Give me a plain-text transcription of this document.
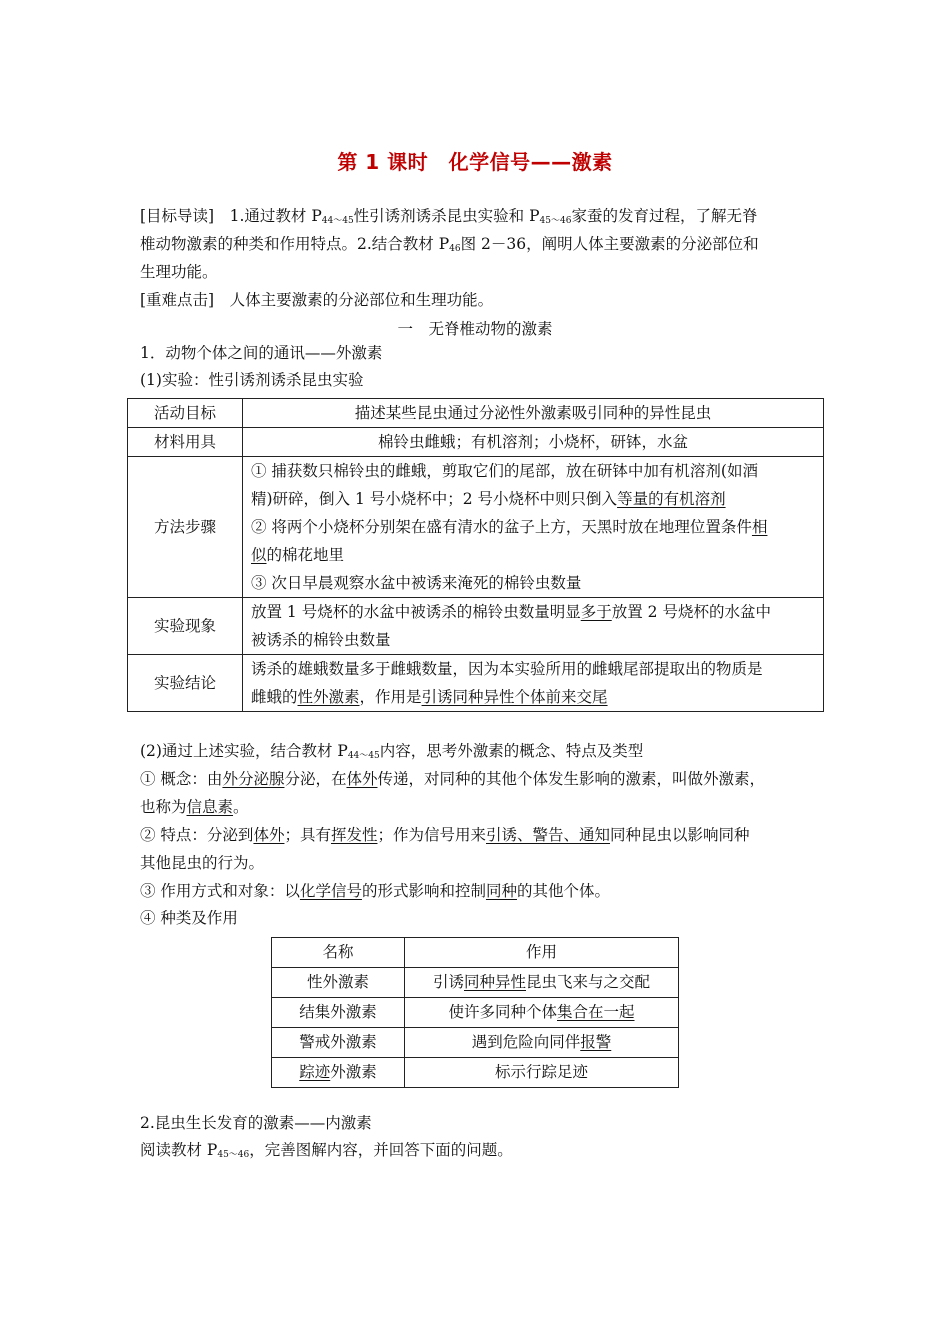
第 1 课时　化学信号——激素
[目标导读]　1.通过教材 $P_{44\sim 45}$性引诱剂诱杀昆虫实验和 $P_{45\sim 46}$家蚕的发育过程，了解无脊
椎动物激素的种类和作用特点。2.结合教材 $P_{46}$图 2－36，阐明人体主要激素的分泌部位和
生理功能。
[重难点击]　人体主要激素的分泌部位和生理功能。
一　无脊椎动物的激素
1．动物个体之间的通讯——外激素
(1)实验：性引诱剂诱杀昆虫实验
活动目标	描述某些昆虫通过分泌性外激素吸引同种的异性昆虫
材料用具	棉铃虫雌蛾；有机溶剂；小烧杯，研钵，水盆
方法步骤	① 捕获数只棉铃虫的雌蛾，剪取它们的尾部，放在研钵中加有机溶剂(如酒
精)研碎，倒入 1 号小烧杯中；2 号小烧杯中则只倒入等量的有机溶剂
② 将两个小烧杯分别架在盛有清水的盆子上方，天黑时放在地理位置条件相
似的棉花地里
③ 次日早晨观察水盆中被诱来淹死的棉铃虫数量

实验现象	放置 1 号烧杯的水盆中被诱杀的棉铃虫数量明显多于放置 2 号烧杯的水盆中
被诱杀的棉铃虫数量

实验结论	诱杀的雄蛾数量多于雌蛾数量，因为本实验所用的雌蛾尾部提取出的物质是
雌蛾的性外激素，作用是引诱同种异性个体前来交尾
(2)通过上述实验，结合教材 $P_{44\sim 45}$内容，思考外激素的概念、特点及类型
① 概念：由外分泌腺分泌，在体外传递，对同种的其他个体发生影响的激素，叫做外激素，
也称为信息素。
② 特点：分泌到体外；具有挥发性；作为信号用来引诱、警告、通知同种昆虫以影响同种
其他昆虫的行为。
③ 作用方式和对象：以化学信号的形式影响和控制同种的其他个体。
④ 种类及作用
名称	作用
性外激素	引诱同种异性昆虫飞来与之交配
结集外激素	使许多同种个体集合在一起
警戒外激素	遇到危险向同伴报警
踪迹外激素	标示行踪足迹
2.昆虫生长发育的激素——内激素
阅读教材 $P_{45\sim 46}$，完善图解内容，并回答下面的问题。
